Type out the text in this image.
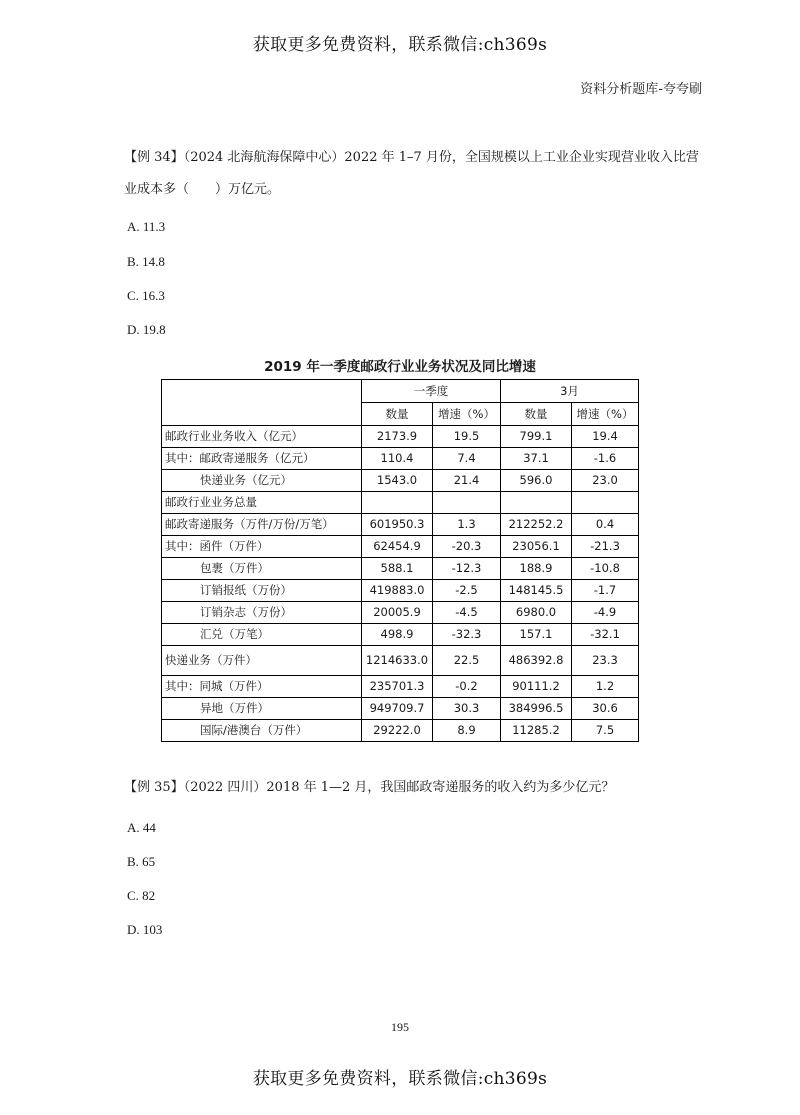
获取更多免费资料，联系微信:ch369s
资料分析题库-夸夸刷
【例 34】（2024 北海航海保障中心）2022 年 1–7 月份，全国规模以上工业企业实现营业收入比营业成本多（　　）万亿元。
A. 11.3
B. 14.8
C. 16.3
D. 19.8
2019 年一季度邮政行业业务状况及同比增速
	一季度		3月	
	数量	增速（%）	数量	增速（%）
邮政行业业务收入（亿元）	2173.9	19.5	799.1	19.4
其中：邮政寄递服务（亿元）	110.4	7.4	37.1	-1.6
快递业务（亿元）	1543.0	21.4	596.0	23.0
邮政行业业务总量				
邮政寄递服务（万件/万份/万笔）	601950.3	1.3	212252.2	0.4
其中：函件（万件）	62454.9	-20.3	23056.1	-21.3
包裹（万件）	588.1	-12.3	188.9	-10.8
订销报纸（万份）	419883.0	-2.5	148145.5	-1.7
订销杂志（万份）	20005.9	-4.5	6980.0	-4.9
汇兑（万笔）	498.9	-32.3	157.1	-32.1
快递业务（万件）	1214633.0	22.5	486392.8	23.3
其中：同城（万件）	235701.3	-0.2	90111.2	1.2
异地（万件）	949709.7	30.3	384996.5	30.6
国际/港澳台（万件）	29222.0	8.9	11285.2	7.5
【例 35】（2022 四川）2018 年 1—2 月，我国邮政寄递服务的收入约为多少亿元？
A. 44
B. 65
C. 82
D. 103
195
获取更多免费资料，联系微信:ch369s
